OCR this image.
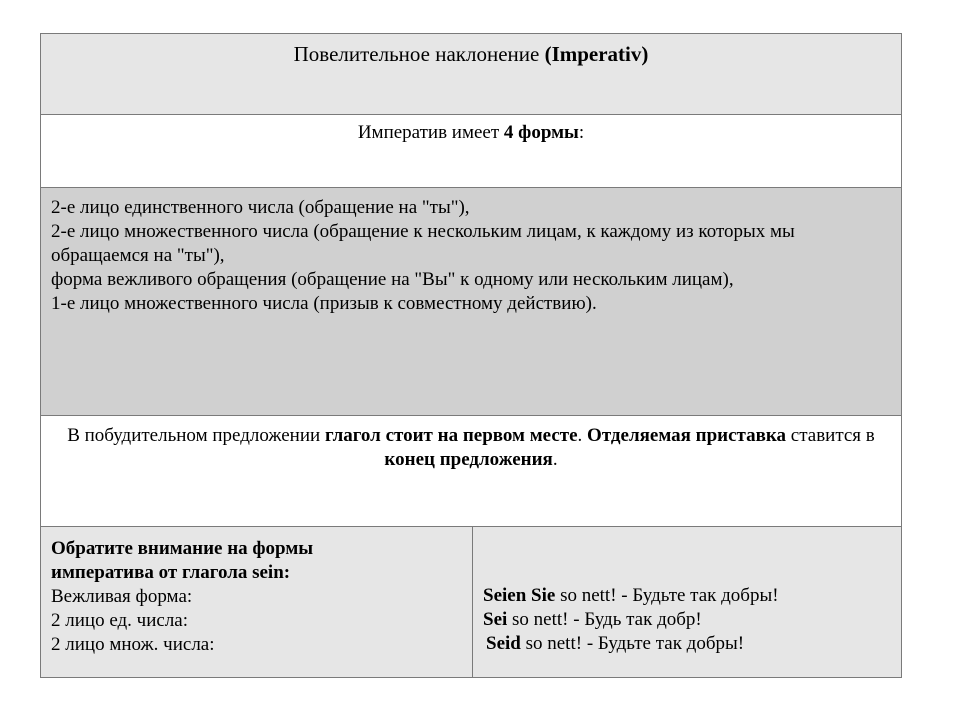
Повелительное наклонение (Imperativ)
Императив имеет 4 формы:
2-е лицо единственного числа (обращение на "ты"),
2-е лицо множественного числа (обращение к нескольким лицам, к каждому из которых мы обращаемся на "ты"),
форма вежливого обращения (обращение на "Вы" к одному или нескольким лицам),
1-е лицо множественного числа (призыв к совместному действию).
В побудительном предложении глагол стоит на первом месте. Отделяемая приставка ставится в конец предложения.
Обратите внимание на формы
императива от глагола sein:
Вежливая форма:
2 лицо ед. числа:
2 лицо множ. числа:
Seien Sie so nett! - Будьте так добры!
Sei so nett! - Будь так добр!
Seid so nett! - Будьте так добры!
